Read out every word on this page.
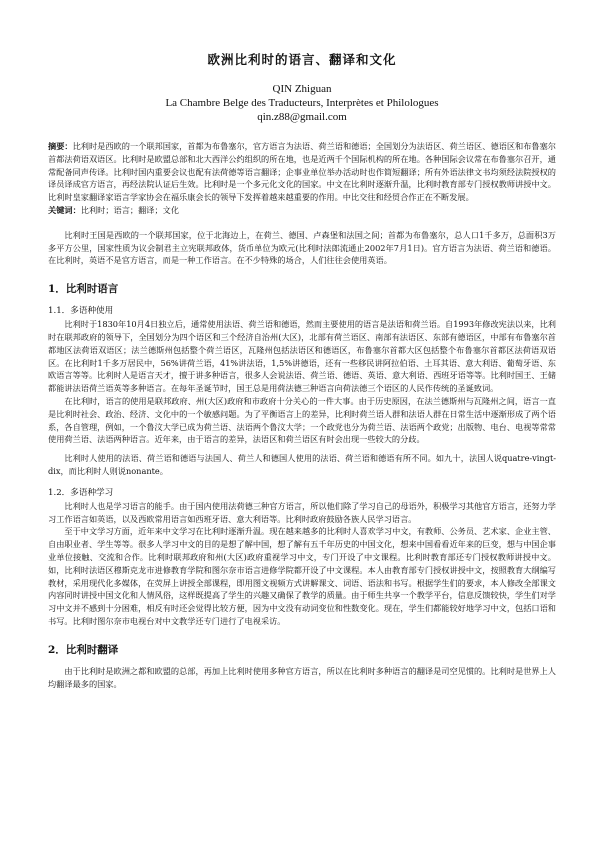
欧洲比利时的语言、翻译和文化
QIN Zhiguan
La Chambre Belge des Traducteurs, Interprètes et Philologues
qin.z88@gmail.com

摘要：比利时是西欧的一个联邦国家，首都为布鲁塞尔，官方语言为法语、荷兰语和德语；全国划分为法语区、荷兰语区、德语区和布鲁塞尔首都法荷语双语区。比利时是欧盟总部和北大西洋公约组织的所在地，也是近两千个国际机构的所在地。各种国际会议常在布鲁塞尔召开，通常配备同声传译。比利时国内重要会议也配有法荷德等语言翻译；企事业单位举办活动时也作简短翻译；所有外语法律文书均须经法院授权的译员译成官方语言，再经法院认证后生效。比利时是一个多元化文化的国家。中文在比利时逐渐升温，比利时教育部专门授权教师讲授中文。比利时皇家翻译家语言学家协会在福乐康会长的领导下发挥着越来越重要的作用。中比交往和经贸合作正在不断发展。

关键词：比利时；语言；翻译；文化

比利时王国是西欧的一个联邦国家，位于北海边上，在荷兰、德国、卢森堡和法国之间；首都为布鲁塞尔，总人口1千多万，总面积3万多平方公里，国家性质为议会制君主立宪联邦政体，货币单位为欧元(比利时法郎流通止2002年7月1日)。官方语言为法语、荷兰语和德语。在比利时，英语不是官方语言，而是一种工作语言。在不少特殊的场合，人们往往会使用英语。

1．比利时语言
1.1．多语种使用

比利时于1830年10月4日独立后，通常使用法语、荷兰语和德语，然而主要使用的语言是法语和荷兰语。自1993年修改宪法以来，比利时在联邦政府的领导下，全国划分为四个语区和三个经济自治州(大区)，北部有荷兰语区、南部有法语区、东部有德语区，中部有布鲁塞尔首都地区法荷语双语区；法兰德斯州包括整个荷兰语区，瓦隆州包括法语区和德语区，布鲁塞尔首都大区包括整个布鲁塞尔首都区法荷语双语区。在比利时1千多万居民中，56%讲荷兰语，41%讲法语，1,5%讲德语，还有一些移民讲阿拉伯语、土耳其语、意大利语、葡萄牙语、东欧语言等等。比利时人是语言天才，擅于讲多种语言，很多人会说法语、荷兰语、德语、英语、意大利语、西班牙语等等。比利时国王、王储都能讲法语荷兰语英等多种语言。在每年圣诞节时，国王总是用荷法德三种语言向荷法德三个语区的人民作传统的圣诞致词。

在比利时，语言的使用是联邦政府、州(大区)政府和市政府十分关心的一件大事。由于历史原因，在法兰德斯州与瓦隆州之间，语言一直是比利时社会、政治、经济、文化中的一个敏感问题。为了平衡语言上的差异，比利时荷兰语人群和法语人群在日常生活中逐渐形成了两个语系，各自管理，例如，一个鲁汶大学已成为荷兰语、法语两个鲁汶大学；一个政党也分为荷兰语、法语两个政党；出版物、电台、电视等常常使用荷兰语、法语两种语言。近年来，由于语言的差异，法语区和荷兰语区有时会出现一些较大的分歧。

比利时人使用的法语、荷兰语和德语与法国人、荷兰人和德国人使用的法语、荷兰语和德语有所不同。如九十，法国人说quatre-vingt-dix，而比利时人则说nonante。

1.2．多语种学习

比利时人也是学习语言的能手。由于国内使用法荷德三种官方语言，所以他们除了学习自己的母语外，积极学习其他官方语言，还努力学习工作语言如英语，以及西欧常用语言如西班牙语、意大利语等。比利时政府鼓励各族人民学习语言。

至于中文学习方面，近年来中文学习在比利时逐渐升温。现在越来越多的比利时人喜欢学习中文，有教师、公务员、艺术家、企业主管、自由职业者、学生等等。很多人学习中文的目的是想了解中国，想了解有五千年历史的中国文化，想来中国看看近年来的巨变，想与中国企事业单位接触、交流和合作。比利时联邦政府和州(大区)政府重视学习中文，专门开设了中文课程。比利时教育部还专门授权教师讲授中文。如，比利时法语区穆斯克龙市进修教育学院和图尔奈市语言进修学院都开设了中文课程。本人由教育部专门授权讲授中文，按照教育大纲编写教材，采用现代化多媒体，在荧屏上讲授全部课程，即用图文视频方式讲解课文、词语、语法和书写。根据学生们的要求，本人修改全部课文内容同时讲授中国文化和人情风俗，这样既提高了学生的兴趣又确保了教学的质量。由于师生共享一个教学平台，信息反馈较快，学生们对学习中文并不感到十分困难，相反有时还会觉得比较方便，因为中文没有动词变位和性数变化。现在，学生们都能较好地学习中文，包括口语和书写。比利时图尔奈市电视台对中文教学还专门进行了电视采访。

2．比利时翻译

由于比利时是欧洲之都和欧盟的总部，再加上比利时使用多种官方语言，所以在比利时多种语言的翻译是司空见惯的。比利时是世界上人均翻译最多的国家。
